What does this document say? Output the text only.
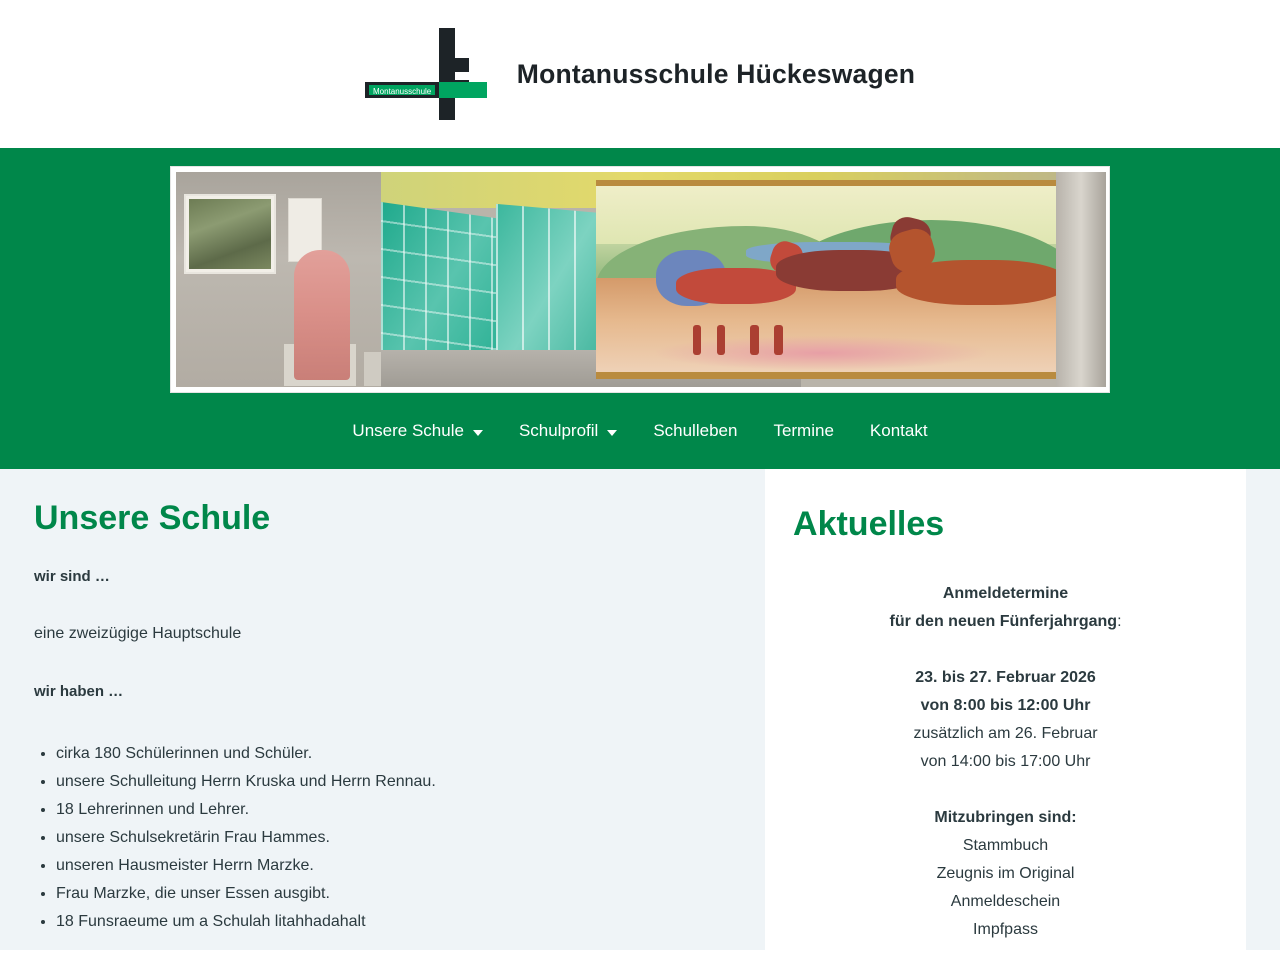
Montanusschule
Montanusschule Hückeswagen
Unsere Schule	Schulprofil	Schulleben Termine Kontakt
Unsere Schule

wir sind …

eine zweizügige Hauptschule

wir haben …

• cirka 180 Schülerinnen und Schüler.
• unsere Schulleitung Herrn Kruska und Herrn Rennau.
• 18 Lehrerinnen und Lehrer.
• unsere Schulsekretärin Frau Hammes.
• unseren Hausmeister Herrn Marzke.
• Frau Marzke, die unser Essen ausgibt.
• 18 Funsraeume um a Schulah litahhadahalt
Aktuelles
Anmeldetermine
für den neuen Fünferjahrgang:
23. bis 27. Februar 2026
von 8:00 bis 12:00 Uhr
zusätzlich am 26. Februar
von 14:00 bis 17:00 Uhr
Mitzubringen sind:
Stammbuch
Zeugnis im Original
Anmeldeschein
Impfpass
